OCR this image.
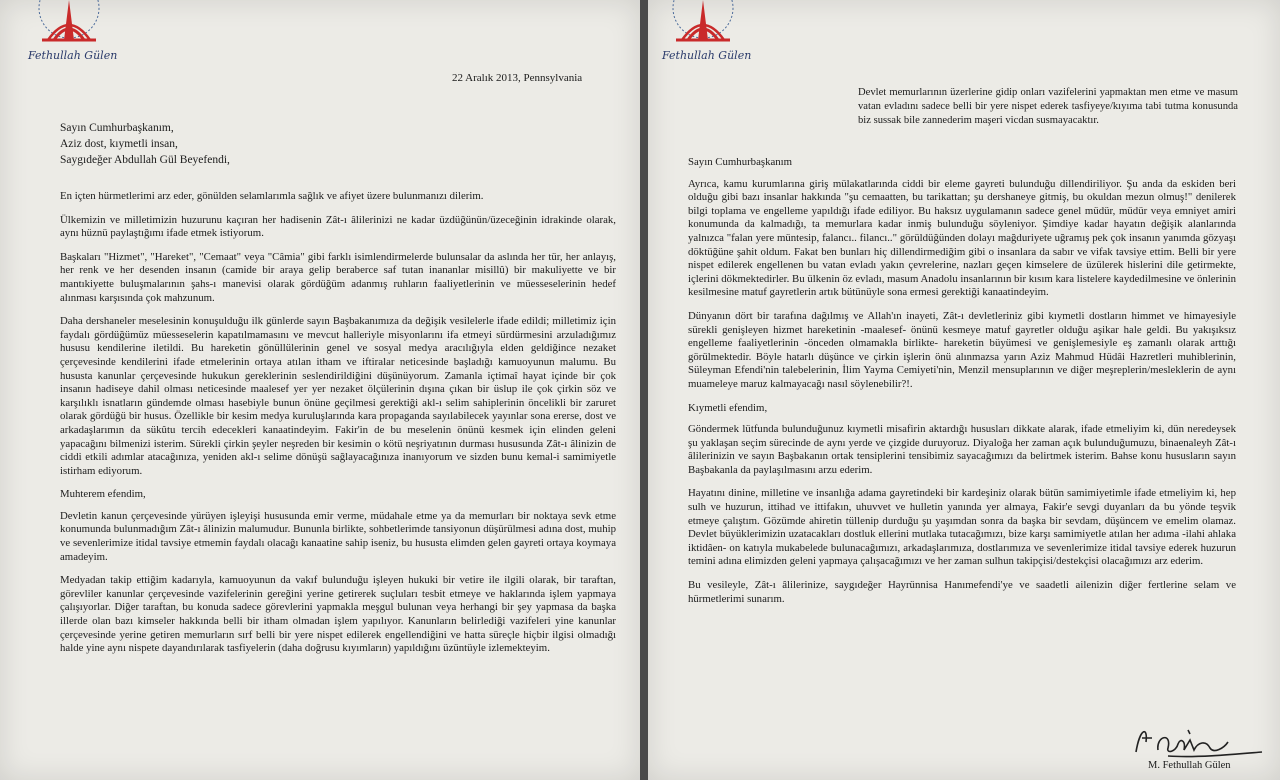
Fethullah Gülen
22 Aralık 2013, Pennsylvania
Sayın Cumhurbaşkanım,
Aziz dost, kıymetli insan,
Saygıdeğer Abdullah Gül Beyefendi,

En içten hürmetlerimi arz eder, gönülden selamlarımla sağlık ve afiyet üzere bulunmanızı dilerim.

Ülkemizin ve milletimizin huzurunu kaçıran her hadisenin Zât-ı âlilerinizi ne kadar üzdüğünün/üzeceğinin idrakinde olarak, aynı hüznü paylaştığımı ifade etmek istiyorum.

Başkaları "Hizmet", "Hareket", "Cemaat" veya "Câmia" gibi farklı isimlendirmelerde bulunsalar da aslında her tür, her anlayış, her renk ve her desenden insanın (camide bir araya gelip beraberce saf tutan inananlar misillû) bir makuliyette ve bir mantıkiyette buluşmalarının şahs-ı manevisi olarak gördüğüm adanmış ruhların faaliyetlerinin ve müesseselerinin hedef alınması karşısında çok mahzunum.

Daha dershaneler meselesinin konuşulduğu ilk günlerde sayın Başbakanımıza da değişik vesilelerle ifade edildi; milletimiz için faydalı gördüğümüz müesseselerin kapatılmamasını ve mevcut halleriyle misyonlarını ifa etmeyi sürdürmesini arzuladığımız hususu kendilerine iletildi. Bu hareketin gönüllülerinin genel ve sosyal medya aracılığıyla elden geldiğince nezaket çerçevesinde kendilerini ifade etmelerinin ortaya atılan itham ve iftiralar neticesinde başladığı kamuoyunun malumu. Bu hususta kanunlar çerçevesinde hukukun gereklerinin seslendirildiğini düşünüyorum. Zamanla içtimaî hayat içinde bir çok insanın hadiseye dahil olması neticesinde maalesef yer yer nezaket ölçülerinin dışına çıkan bir üslup ile çok çirkin söz ve karşılıklı isnatların gündemde olması hasebiyle bunun önüne geçilmesi gerektiği akl-ı selim sahiplerinin öncelikli bir zaruret olarak gördüğü bir husus. Özellikle bir kesim medya kuruluşlarında kara propaganda sayılabilecek yayınlar sona erersе, dost ve arkadaşlarımın da sükûtu tercih edecekleri kanaatindeyim. Fakir'in de bu meselenin önünü kesmek için elinden geleni yapacağını bilmenizi isterim. Sürekli çirkin şeyler neşreden bir kesimin o kötü neşriyatının durması hususunda Zât-ı âlinizin de ciddi etkili adımlar atacağınıza, yeniden akl-ı selime dönüşü sağlayacağınıza inanıyorum ve sizden bunu kemal-i samimiyetle istirham ediyorum.

Muhterem efendim,

Devletin kanun çerçevesinde yürüyen işleyişi hususunda emir verme, müdahale etme ya da memurları bir noktaya sevk etme konumunda bulunmadığım Zât-ı âlinizin malumudur. Bununla birlikte, sohbetlerimde tansiyonun düşürülmesi adına dost, muhip ve sevenlerimize itidal tavsiye etmemin faydalı olacağı kanaatine sahip iseniz, bu hususta elimden gelen gayreti ortaya koymaya amadeyim.

Medyadan takip ettiğim kadarıyla, kamuoyunun da vakıf bulunduğu işleyen hukuki bir vetire ile ilgili olarak, bir taraftan, görevliler kanunlar çerçevesinde vazifelerinin gereğini yerine getirerek suçluları tesbit etmeye ve haklarında işlem yapmaya çalışıyorlar. Diğer taraftan, bu konuda sadece görevlerini yapmakla meşgul bulunan veya herhangi bir şey yapmasa da başka illerde olan bazı kimseler hakkında belli bir itham olmadan işlem yapılıyor. Kanunların belirlediği vazifeleri yine kanunlar çerçevesinde yerine getiren memurların sırf belli bir yere nispet edilerek engellendiğini ve hatta süreçle hiçbir ilgisi olmadığı halde yine aynı nispete dayandırılarak tasfiyelerin (daha doğrusu kıyımların) yapıldığını üzüntüyle izlemekteyim.

Fethullah Gülen
Devlet memurlarının üzerlerine gidip onları vazifelerini yapmaktan men etme ve masum vatan evladını sadece belli bir yere nispet ederek tasfiyeye/kıyıma tabi tutma konusunda biz sussak bile zannederim maşeri vicdan susmayacaktır.

Sayın Cumhurbaşkanım

Ayrıca, kamu kurumlarına giriş mülakatlarında ciddi bir eleme gayreti bulunduğu dillendiriliyor. Şu anda da eskiden beri olduğu gibi bazı insanlar hakkında "şu cemaatten, bu tarikattan; şu dershaneye gitmiş, bu okuldan mezun olmuş!" denilerek bilgi toplama ve engelleme yapıldığı ifade ediliyor. Bu haksız uygulamanın sadece genel müdür, müdür veya emniyet amiri konumunda da kalmadığı, ta memurlara kadar inmiş bulunduğu söyleniyor. Şimdiye kadar hayatın değişik alanlarında yalnızca "falan yere müntesip, falancı.. filancı.." görüldüğünden dolayı mağduriyete uğramış pek çok insanın yanımda gözyaşı döktüğüne şahit oldum. Fakat ben bunları hiç dillendirmediğim gibi o insanlara da sabır ve vifak tavsiye ettim. Belli bir yere nispet edilerek engellenen bu vatan evladı yakın çevrelerine, nazları geçen kimselere de üzülerek hislerini dile getirmekte, içlerini dökmektedirler. Bu ülkenin öz evladı, masum Anadolu insanlarının bir kısım kara listelere kaydedilmesine ve önlerinin kesilmesine matuf gayretlerin artık bütünüyle sona ermesi gerektiği kanaatindeyim.

Dünyanın dört bir tarafına dağılmış ve Allah'ın inayeti, Zât-ı devletleriniz gibi kıymetli dostların himmet ve himayesiyle sürekli genişleyen hizmet hareketinin -maalesef- önünü kesmeye matuf gayretler olduğu aşikar hale geldi. Bu yakışıksız engelleme faaliyetlerinin -önceden olmamakla birlikte- hareketin büyümesi ve genişlemesiyle eş zamanlı olarak arttığı görülmektedir. Böyle hatarlı düşünce ve çirkin işlerin önü alınmazsa yarın Aziz Mahmud Hüdâi Hazretleri muhiblerinin, Süleyman Efendi'nin talebelerinin, İlim Yayma Cemiyeti'nin, Menzil mensuplarının ve diğer meşreplerin/mesleklerin de aynı muameleye maruz kalmayacağı nasıl söylenebilir?!.

Kıymetli efendim,

Göndermek lütfunda bulunduğunuz kıymetli misafirin aktardığı hususları dikkate alarak, ifade etmeliyim ki, dün neredeysek şu yaklaşan seçim sürecinde de aynı yerde ve çizgide duruyoruz. Diyaloğa her zaman açık bulunduğumuzu, binaenaleyh Zât-ı âlilerinizin ve sayın Başbakanın ortak tensiplerini tensibimiz sayacağımızı da belirtmek isterim. Bahse konu hususların sayın Başbakanla da paylaşılmasını arzu ederim.

Hayatını dinine, milletine ve insanlığa adama gayretindeki bir kardeşiniz olarak bütün samimiyetimle ifade etmeliyim ki, hep sulh ve huzurun, ittihad ve ittifakın, uhuvvet ve hulletin yanında yer almaya, Fakir'e sevgi duyanları da bu yönde teşvik etmeye çalıştım. Gözümde ahiretin tüllenip durduğu şu yaşımdan sonra da başka bir sevdam, düşüncem ve emelim olamaz. Devlet büyüklerimizin uzatacakları dostluk ellerini mutlaka tutacağımızı, bize karşı samimiyetle atılan her adıma -ilahi ahlaka iktidâen- on katıyla mukabelede bulunacağımızı, arkadaşlarımıza, dostlarımıza ve sevenlerimize itidal tavsiye ederek huzurun temini adına elimizden geleni yapmaya çalışacağımızı ve her zaman sulhun takipçisi/destekçisi olacağımızı arz ederim.

Bu vesileyle, Zât-ı âlilerinize, saygıdeğer Hayrünnisa Hanımefendi'ye ve saadetli ailenizin diğer fertlerine selam ve hürmetlerimi sunarım.

M. Fethullah Gülen
